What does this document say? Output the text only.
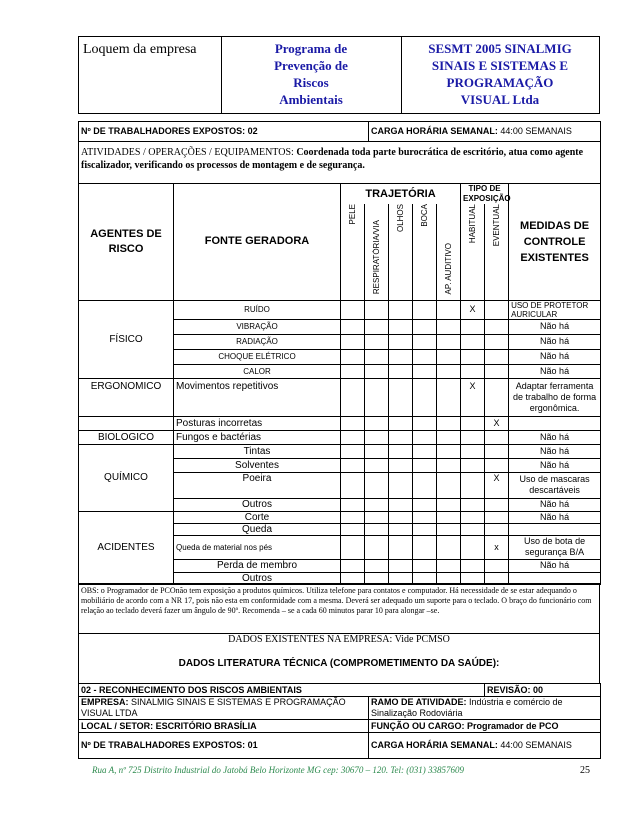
Loquem da empresa	Programa de
Prevenção de
Riscos
Ambientais
SESMT 2005 SINALMIG
SINAIS E SISTEMAS E
PROGRAMAÇÃO
VISUAL Ltda
Nº DE TRABALHADORES EXPOSTOS: 02	CARGA HORÁRIA SEMANAL: 44:00 SEMANAIS
ATIVIDADES / OPERAÇÕES / EQUIPAMENTOS: Coordenada toda parte burocrática de escritório, atua como agente fiscalizador, verificando os processos de montagem e de segurança.
AGENTES DE RISCO	FONTE GERADORA	TRAJETÓRIA					TIPO DE EXPOSIÇÃO		MEDIDAS DE CONTROLE EXISTENTES
		PELE	RESPIRATÓRIA/VIA	OLHOS	BOCA	AP. AUDITIVO	HABITUAL	EVENTUAL	
FÍSICO	RUÍDO						X		USO DE PROTETOR AURICULAR
	VIBRAÇÃO								Não há
	RADIAÇÃO								Não há
	CHOQUE ELÉTRICO								Não há
	CALOR								Não há
ERGONOMICO	Movimentos repetitivos						X		Adaptar ferramenta de trabalho de forma ergonômica.
	Posturas incorretas							X	
BIOLOGICO	Fungos e bactérias								Não há
QUÍMICO	Tintas								Não há
	Solventes								Não há
	Poeira							X	Uso de mascaras descartáveis
	Outros								Não há
ACIDENTES	Corte								Não há
	Queda								
	Queda de material nos pés							x	Uso de bota de segurança B/A
	Perda de membro								Não há
	Outros								
OBS: o Programador de PCOnão tem exposição a produtos químicos. Utiliza telefone para contatos e computador. Há necessidade de se estar adequando o mobiliário de acordo com a NR 17, pois não esta em conformidade com a mesma. Deverá ser adequado um suporte para o teclado. O braço do funcionário com relação ao teclado deverá fazer um ângulo de 90º. Recomenda – se a cada 60 minutos parar 10 para alongar –se.

DADOS EXISTENTES NA EMPRESA: Vide PCMSO
DADOS LITERATURA TÉCNICA (COMPROMETIMENTO DA SAÚDE):
02 - RECONHECIMENTO DOS RISCOS AMBIENTAIS		REVISÃO: 00
EMPRESA: SINALMIG SINAIS E SISTEMAS E PROGRAMAÇÃO VISUAL LTDA	RAMO DE ATIVIDADE: Indústria e comércio de Sinalização Rodoviária	
LOCAL / SETOR: ESCRITÓRIO BRASÍLIA	FUNÇÃO OU CARGO: Programador de PCO	
Nº DE TRABALHADORES EXPOSTOS: 01	CARGA HORÁRIA SEMANAL: 44:00 SEMANAIS	
Rua A, nº 725 Distrito Industrial do Jatobá Belo Horizonte MG cep: 30670 – 120. Tel: (031) 33857609	25
